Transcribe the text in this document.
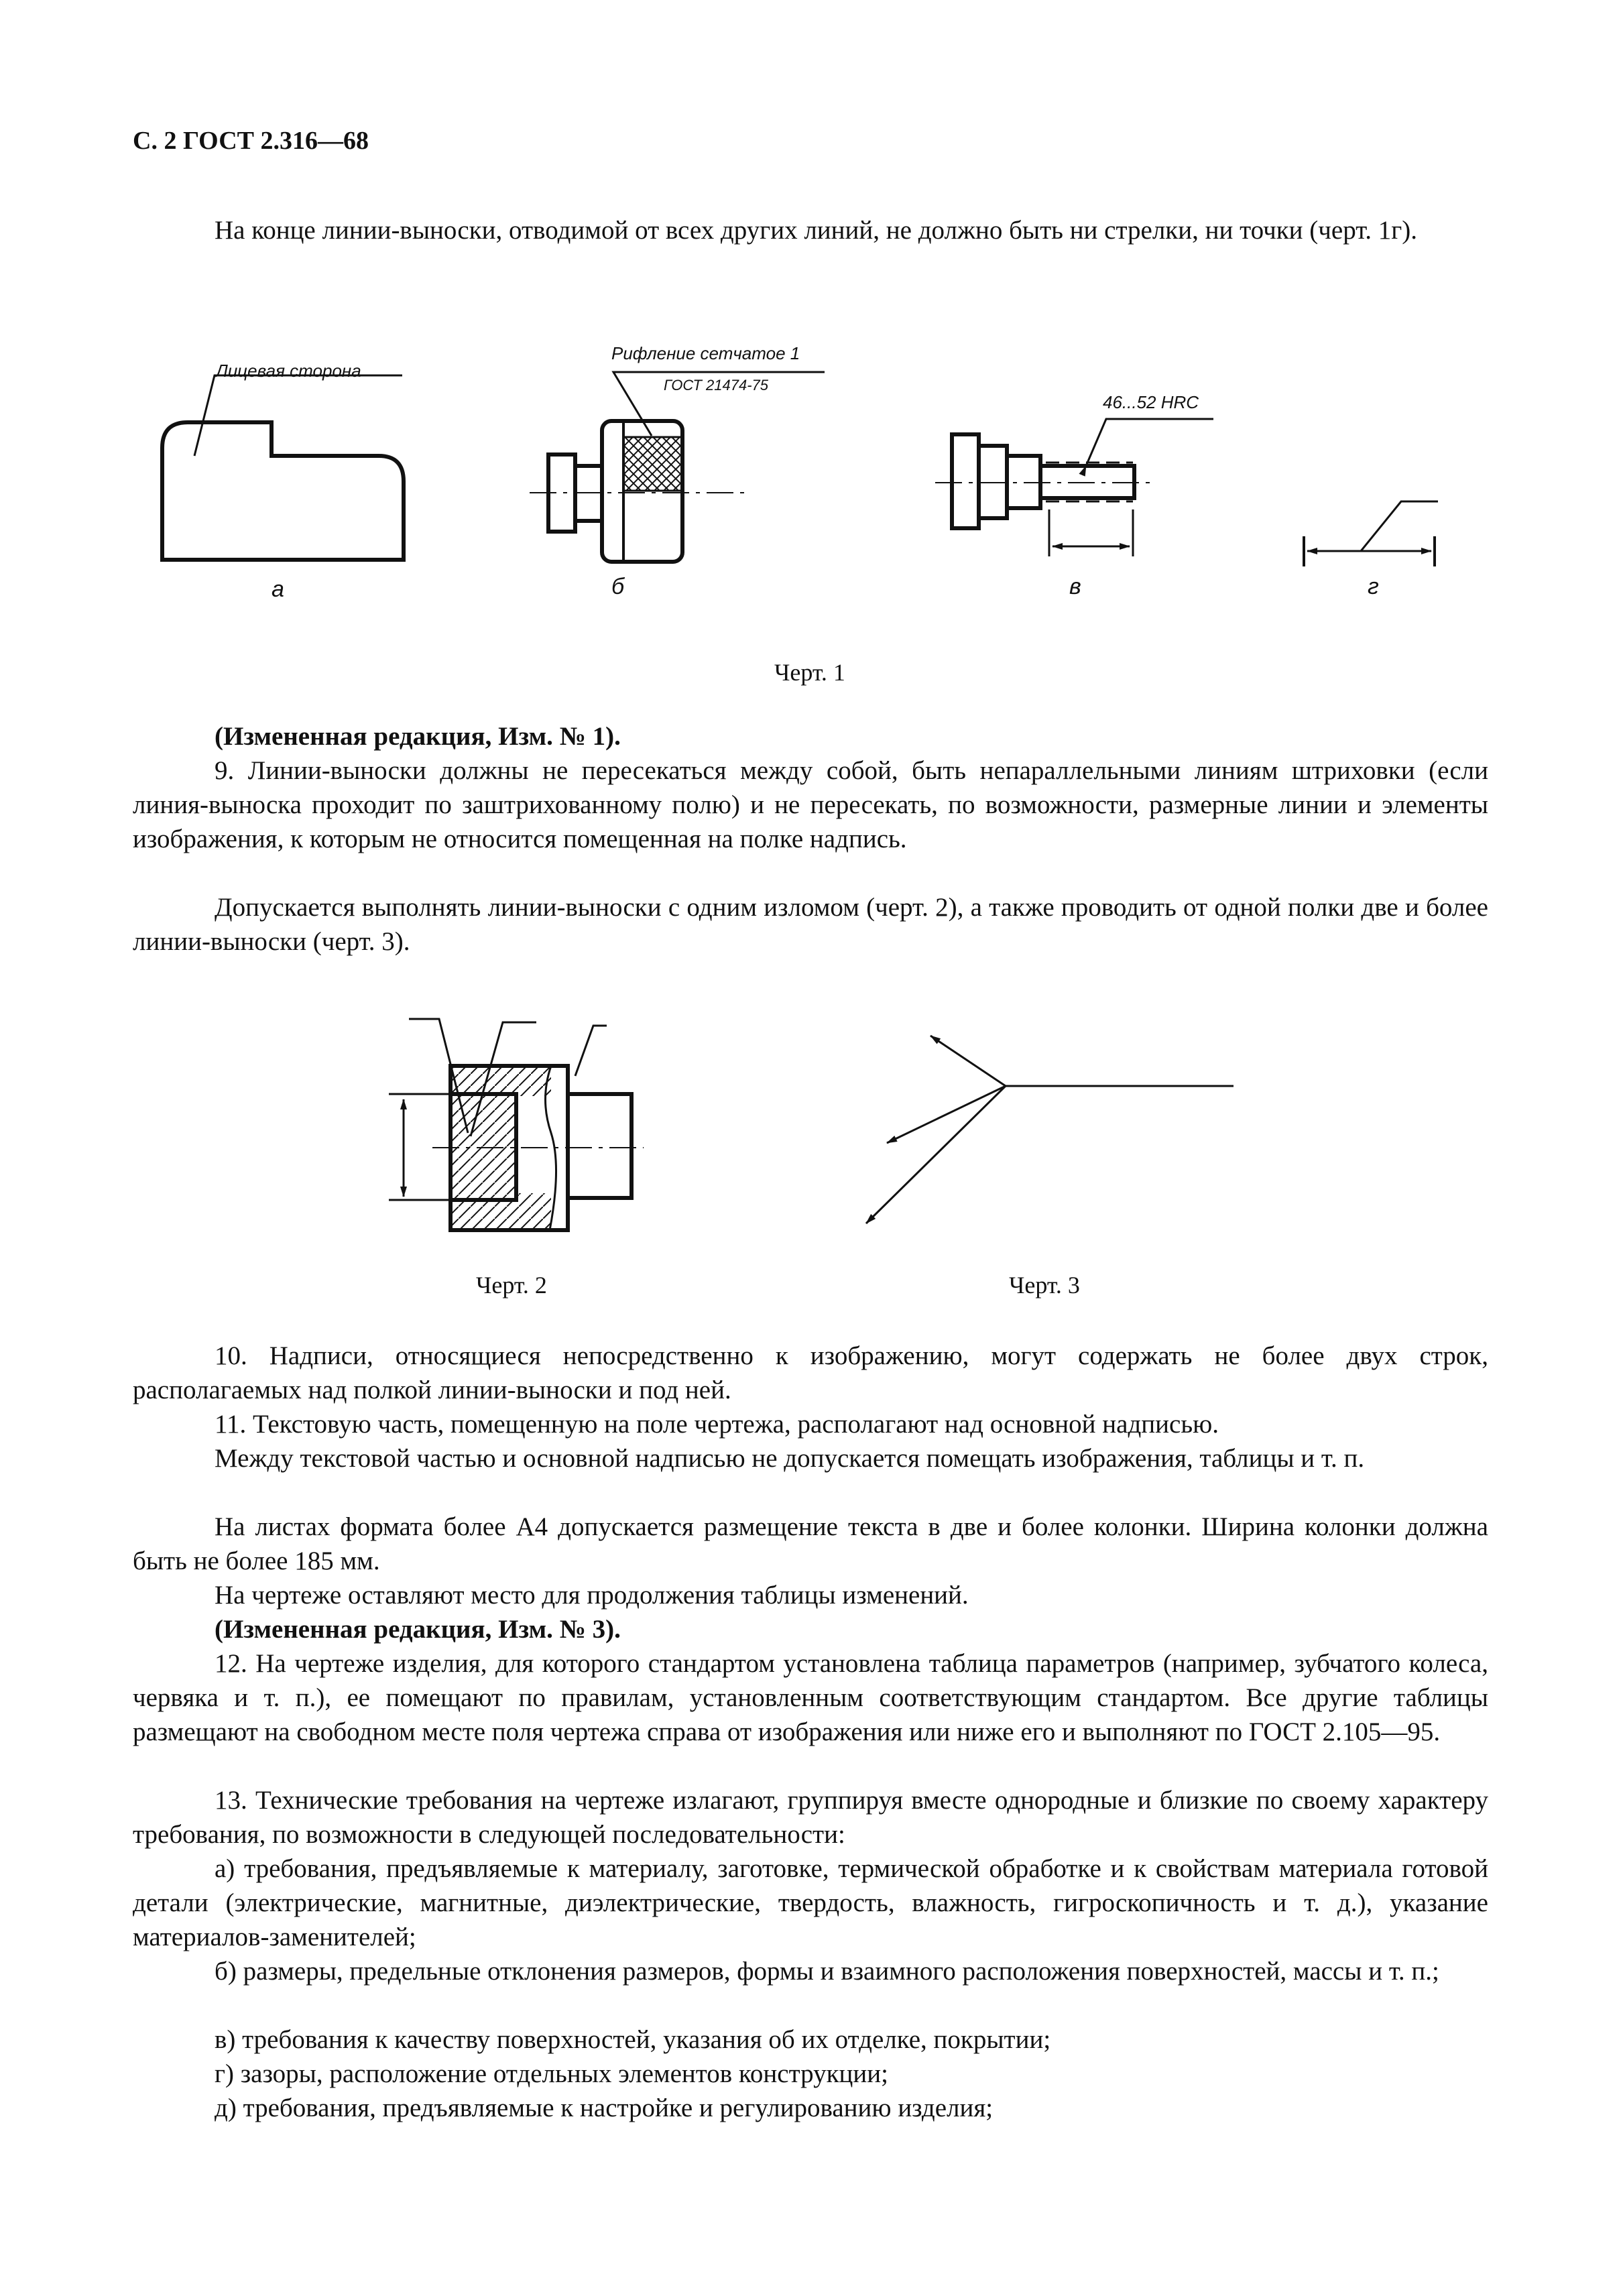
С. 2 ГОСТ 2.316—68

На конце линии-выноски, отводимой от всех других линий, не должно быть ни стрелки, ни точки (черт. 1г).

Лицевая сторона
Рифление сетчатое 1
ГОСТ 21474-75
46...52 HRC
а	б	в	г
Черт. 1

(Измененная редакция, Изм. № 1).

9. Линии-выноски должны не пересекаться между собой, быть непараллельными линиям штриховки (если линия-выноска проходит по заштрихованному полю) и не пересекать, по возможности, размерные линии и элементы изображения, к которым не относится помещенная на полке надпись.

Допускается выполнять линии-выноски с одним изломом (черт. 2), а также проводить от одной полки две и более линии-выноски (черт. 3).

Черт. 2	Черт. 3

10. Надписи, относящиеся непосредственно к изображению, могут содержать не более двух строк, располагаемых над полкой линии-выноски и под ней.

11. Текстовую часть, помещенную на поле чертежа, располагают над основной надписью.

Между текстовой частью и основной надписью не допускается помещать изображения, таблицы и т. п.

На листах формата более А4 допускается размещение текста в две и более колонки. Ширина колонки должна быть не более 185 мм.

На чертеже оставляют место для продолжения таблицы изменений.

(Измененная редакция, Изм. № 3).

12. На чертеже изделия, для которого стандартом установлена таблица параметров (например, зубчатого колеса, червяка и т. п.), ее помещают по правилам, установленным соответствующим стандартом. Все другие таблицы размещают на свободном месте поля чертежа справа от изображения или ниже его и выполняют по ГОСТ 2.105—95.

13. Технические требования на чертеже излагают, группируя вместе однородные и близкие по своему характеру требования, по возможности в следующей последовательности:

а) требования, предъявляемые к материалу, заготовке, термической обработке и к свойствам материала готовой детали (электрические, магнитные, диэлектрические, твердость, влажность, гигроскопичность и т. д.), указание материалов-заменителей;

б) размеры, предельные отклонения размеров, формы и взаимного расположения поверхностей, массы и т. п.;

в) требования к качеству поверхностей, указания об их отделке, покрытии;

г) зазоры, расположение отдельных элементов конструкции;

д) требования, предъявляемые к настройке и регулированию изделия;
